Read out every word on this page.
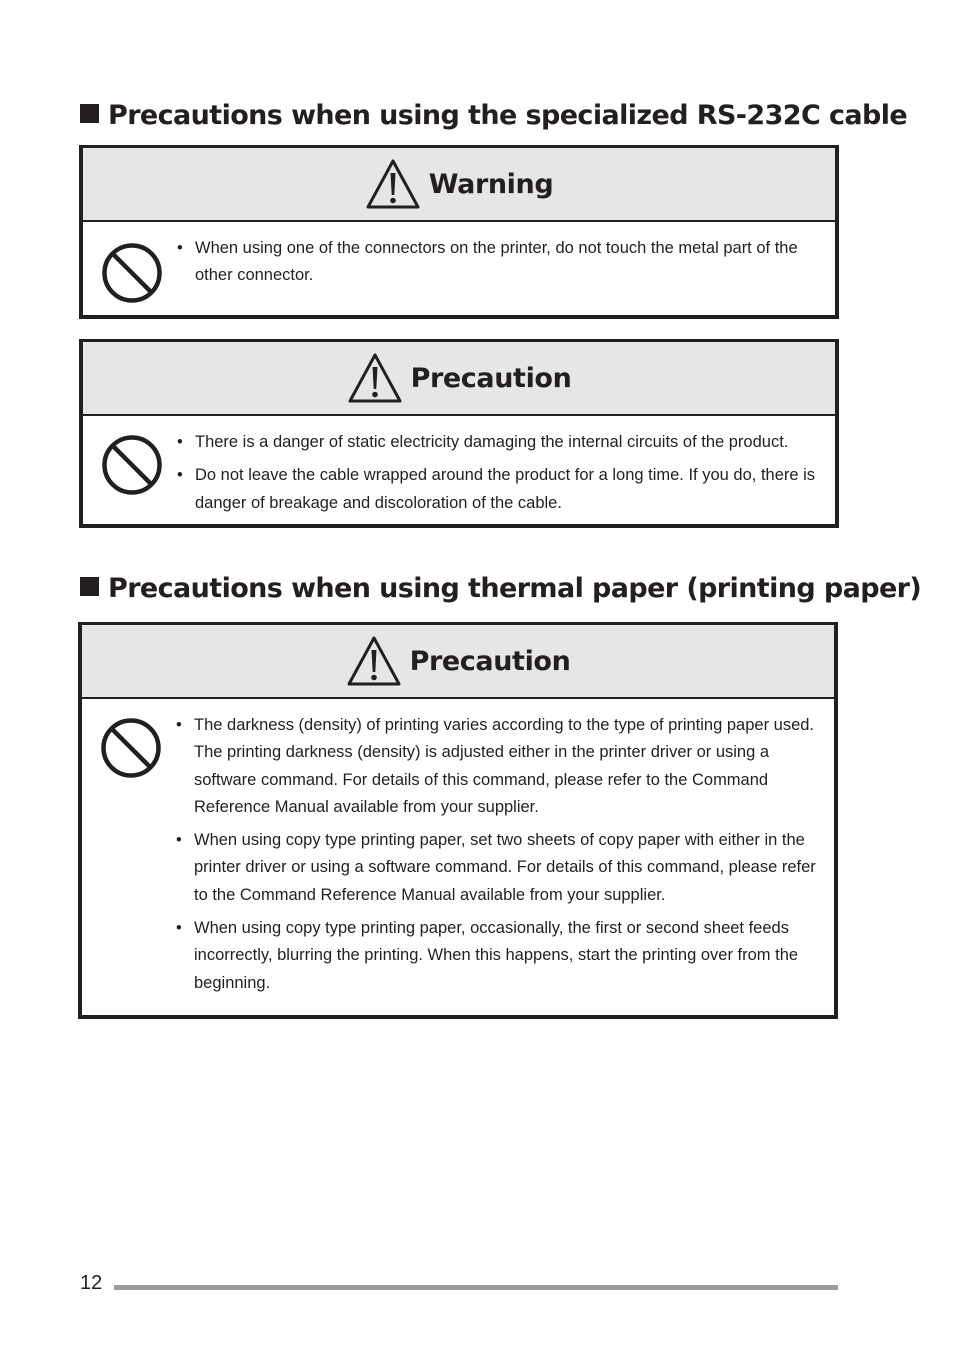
Precautions when using the specialized RS-232C cable
Warning
• When using one of the connectors on the printer, do not touch the metal part of the other connector.
Precaution
• There is a danger of static electricity damaging the internal circuits of the product.
• Do not leave the cable wrapped around the product for a long time. If you do, there is danger of breakage and discoloration of the cable.
Precautions when using thermal paper (printing paper)
Precaution
• The darkness (density) of printing varies according to the type of printing paper used. The printing darkness (density) is adjusted either in the printer driver or using a software command. For details of this command, please refer to the Command Reference Manual available from your supplier.
• When using copy type printing paper, set two sheets of copy paper with either in the printer driver or using a software command. For details of this command, please refer to the Command Reference Manual available from your supplier.
• When using copy type printing paper, occasionally, the first or second sheet feeds incorrectly, blurring the printing. When this happens, start the printing over from the beginning.
12
